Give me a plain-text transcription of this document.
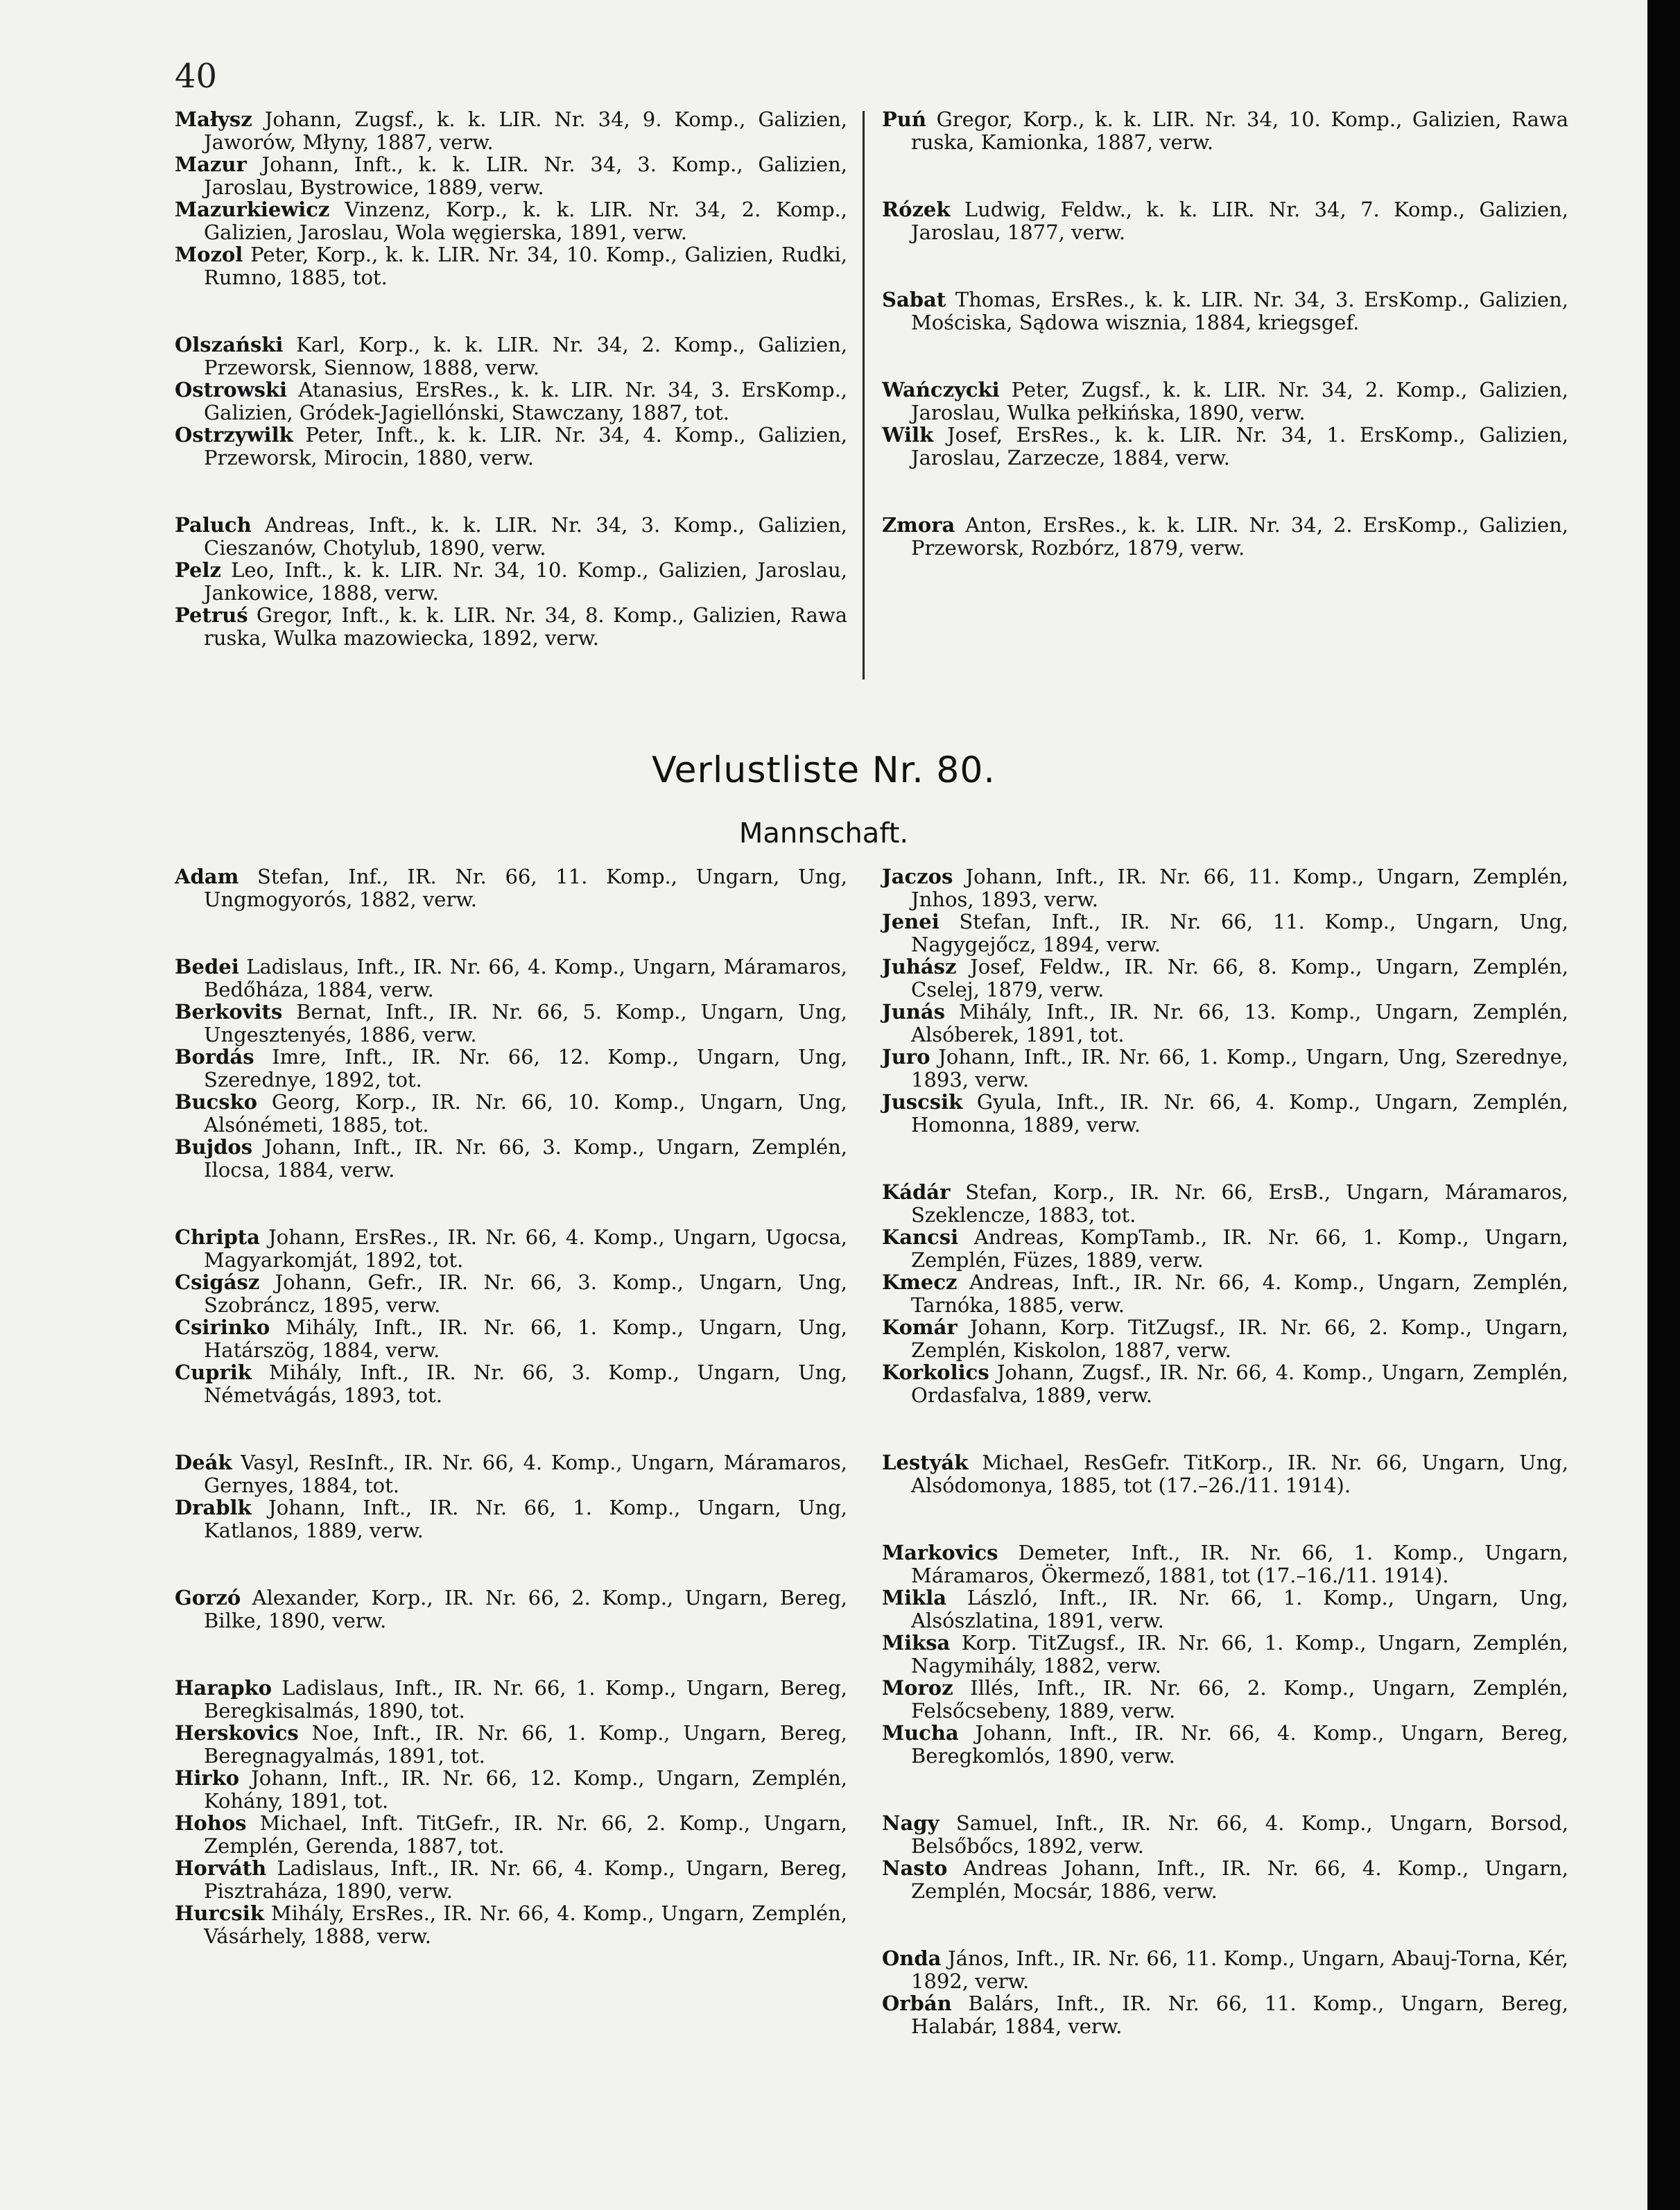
40
Małysz Johann, Zugsf., k. k. LIR. Nr. 34, 9. Komp., Galizien, Jaworów, Młyny, 1887, verw.
Mazur Johann, Inft., k. k. LIR. Nr. 34, 3. Komp., Galizien, Jaroslau, Bystrowice, 1889, verw.
Mazurkiewicz Vinzenz, Korp., k. k. LIR. Nr. 34, 2. Komp., Galizien, Jaroslau, Wola węgierska, 1891, verw.
Mozol Peter, Korp., k. k. LIR. Nr. 34, 10. Komp., Galizien, Rudki, Rumno, 1885, tot.
Olszański Karl, Korp., k. k. LIR. Nr. 34, 2. Komp., Galizien, Przeworsk, Siennow, 1888, verw.
Ostrowski Atanasius, ErsRes., k. k. LIR. Nr. 34, 3. ErsKomp., Galizien, Gródek-Jagiellónski, Stawczany, 1887, tot.
Ostrzywilk Peter, Inft., k. k. LIR. Nr. 34, 4. Komp., Galizien, Przeworsk, Mirocin, 1880, verw.
Paluch Andreas, Inft., k. k. LIR. Nr. 34, 3. Komp., Galizien, Cieszanów, Chotylub, 1890, verw.
Pelz Leo, Inft., k. k. LIR. Nr. 34, 10. Komp., Galizien, Jaroslau, Jankowice, 1888, verw.
Petruś Gregor, Inft., k. k. LIR. Nr. 34, 8. Komp., Galizien, Rawa ruska, Wulka mazowiecka, 1892, verw.
Puń Gregor, Korp., k. k. LIR. Nr. 34, 10. Komp., Galizien, Rawa ruska, Kamionka, 1887, verw.
Rózek Ludwig, Feldw., k. k. LIR. Nr. 34, 7. Komp., Galizien, Jaroslau, 1877, verw.
Sabat Thomas, ErsRes., k. k. LIR. Nr. 34, 3. ErsKomp., Galizien, Mościska, Sądowa wisznia, 1884, kriegsgef.
Wańczycki Peter, Zugsf., k. k. LIR. Nr. 34, 2. Komp., Galizien, Jaroslau, Wulka pełkińska, 1890, verw.
Wilk Josef, ErsRes., k. k. LIR. Nr. 34, 1. ErsKomp., Galizien, Jaroslau, Zarzecze, 1884, verw.
Zmora Anton, ErsRes., k. k. LIR. Nr. 34, 2. ErsKomp., Galizien, Przeworsk, Rozbórz, 1879, verw.
Verlustliste Nr. 80.
Mannschaft.
Adam Stefan, Inf., IR. Nr. 66, 11. Komp., Ungarn, Ung, Ungmogyorós, 1882, verw.
Bedei Ladislaus, Inft., IR. Nr. 66, 4. Komp., Ungarn, Máramaros, Bedőháza, 1884, verw.
Berkovits Bernat, Inft., IR. Nr. 66, 5. Komp., Ungarn, Ung, Ungesztenyés, 1886, verw.
Bordás Imre, Inft., IR. Nr. 66, 12. Komp., Ungarn, Ung, Szerednye, 1892, tot.
Bucsko Georg, Korp., IR. Nr. 66, 10. Komp., Ungarn, Ung, Alsónémeti, 1885, tot.
Bujdos Johann, Inft., IR. Nr. 66, 3. Komp., Ungarn, Zemplén, Ilocsa, 1884, verw.
Chripta Johann, ErsRes., IR. Nr. 66, 4. Komp., Ungarn, Ugocsa, Magyarkomját, 1892, tot.
Csigász Johann, Gefr., IR. Nr. 66, 3. Komp., Ungarn, Ung, Szobráncz, 1895, verw.
Csirinko Mihály, Inft., IR. Nr. 66, 1. Komp., Ungarn, Ung, Határszög, 1884, verw.
Cuprik Mihály, Inft., IR. Nr. 66, 3. Komp., Ungarn, Ung, Németvágás, 1893, tot.
Deák Vasyl, ResInft., IR. Nr. 66, 4. Komp., Ungarn, Máramaros, Gernyes, 1884, tot.
Drablk Johann, Inft., IR. Nr. 66, 1. Komp., Ungarn, Ung, Katlanos, 1889, verw.
Gorzó Alexander, Korp., IR. Nr. 66, 2. Komp., Ungarn, Bereg, Bilke, 1890, verw.
Harapko Ladislaus, Inft., IR. Nr. 66, 1. Komp., Ungarn, Bereg, Beregkisalmás, 1890, tot.
Herskovics Noe, Inft., IR. Nr. 66, 1. Komp., Ungarn, Bereg, Beregnagyalmás, 1891, tot.
Hirko Johann, Inft., IR. Nr. 66, 12. Komp., Ungarn, Zemplén, Kohány, 1891, tot.
Hohos Michael, Inft. TitGefr., IR. Nr. 66, 2. Komp., Ungarn, Zemplén, Gerenda, 1887, tot.
Horváth Ladislaus, Inft., IR. Nr. 66, 4. Komp., Ungarn, Bereg, Pisztraháza, 1890, verw.
Hurcsik Mihály, ErsRes., IR. Nr. 66, 4. Komp., Ungarn, Zemplén, Vásárhely, 1888, verw.
Jaczos Johann, Inft., IR. Nr. 66, 11. Komp., Ungarn, Zemplén, Jnhos, 1893, verw.
Jenei Stefan, Inft., IR. Nr. 66, 11. Komp., Ungarn, Ung, Nagygejőcz, 1894, verw.
Juhász Josef, Feldw., IR. Nr. 66, 8. Komp., Ungarn, Zemplén, Cselej, 1879, verw.
Junás Mihály, Inft., IR. Nr. 66, 13. Komp., Ungarn, Zemplén, Alsóberek, 1891, tot.
Juro Johann, Inft., IR. Nr. 66, 1. Komp., Ungarn, Ung, Szerednye, 1893, verw.
Juscsik Gyula, Inft., IR. Nr. 66, 4. Komp., Ungarn, Zemplén, Homonna, 1889, verw.
Kádár Stefan, Korp., IR. Nr. 66, ErsB., Ungarn, Máramaros, Szeklencze, 1883, tot.
Kancsi Andreas, KompTamb., IR. Nr. 66, 1. Komp., Ungarn, Zemplén, Füzes, 1889, verw.
Kmecz Andreas, Inft., IR. Nr. 66, 4. Komp., Ungarn, Zemplén, Tarnóka, 1885, verw.
Komár Johann, Korp. TitZugsf., IR. Nr. 66, 2. Komp., Ungarn, Zemplén, Kiskolon, 1887, verw.
Korkolics Johann, Zugsf., IR. Nr. 66, 4. Komp., Ungarn, Zemplén, Ordasfalva, 1889, verw.
Lestyák Michael, ResGefr. TitKorp., IR. Nr. 66, Ungarn, Ung, Alsódomonya, 1885, tot (17.–26./11. 1914).
Markovics Demeter, Inft., IR. Nr. 66, 1. Komp., Ungarn, Máramaros, Ökermező, 1881, tot (17.–16./11. 1914).
Mikla László, Inft., IR. Nr. 66, 1. Komp., Ungarn, Ung, Alsószlatina, 1891, verw.
Miksa Korp. TitZugsf., IR. Nr. 66, 1. Komp., Ungarn, Zemplén, Nagymihály, 1882, verw.
Moroz Illés, Inft., IR. Nr. 66, 2. Komp., Ungarn, Zemplén, Felsőcsebeny, 1889, verw.
Mucha Johann, Inft., IR. Nr. 66, 4. Komp., Ungarn, Bereg, Beregkomlós, 1890, verw.
Nagy Samuel, Inft., IR. Nr. 66, 4. Komp., Ungarn, Borsod, Belsőbőcs, 1892, verw.
Nasto Andreas Johann, Inft., IR. Nr. 66, 4. Komp., Ungarn, Zemplén, Mocsár, 1886, verw.
Onda János, Inft., IR. Nr. 66, 11. Komp., Ungarn, Abauj-Torna, Kér, 1892, verw.
Orbán Balárs, Inft., IR. Nr. 66, 11. Komp., Ungarn, Bereg, Halabár, 1884, verw.
